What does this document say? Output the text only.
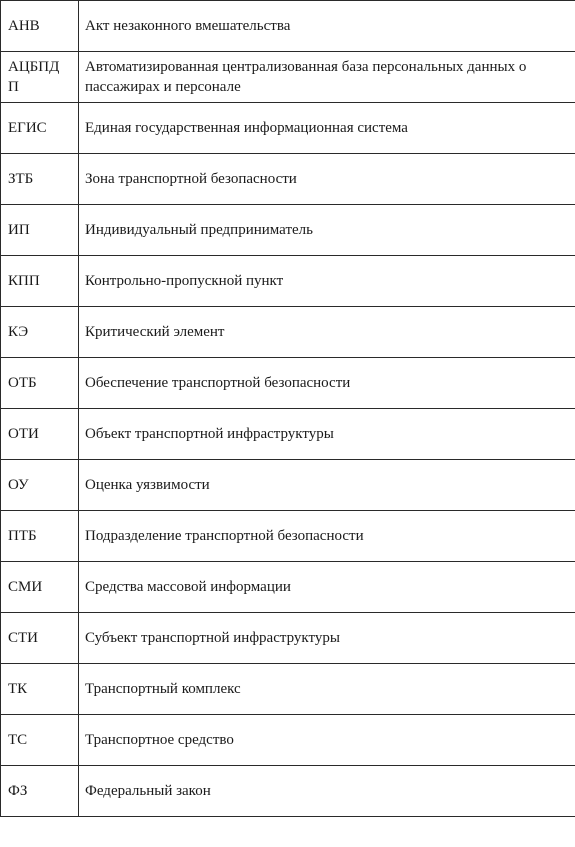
АНВ	Акт незаконного вмешательства
АЦБПД П	Автоматизированная централизованная база персональных данных о пассажирах и персонале
ЕГИС	Единая государственная информационная система
ЗТБ	Зона транспортной безопасности
ИП	Индивидуальный предприниматель
КПП	Контрольно-пропускной пункт
КЭ	Критический элемент
ОТБ	Обеспечение транспортной безопасности
ОТИ	Объект транспортной инфраструктуры
ОУ	Оценка уязвимости
ПТБ	Подразделение транспортной безопасности
СМИ	Средства массовой информации
СТИ	Субъект транспортной инфраструктуры
ТК	Транспортный комплекс
ТС	Транспортное средство
ФЗ	Федеральный закон
